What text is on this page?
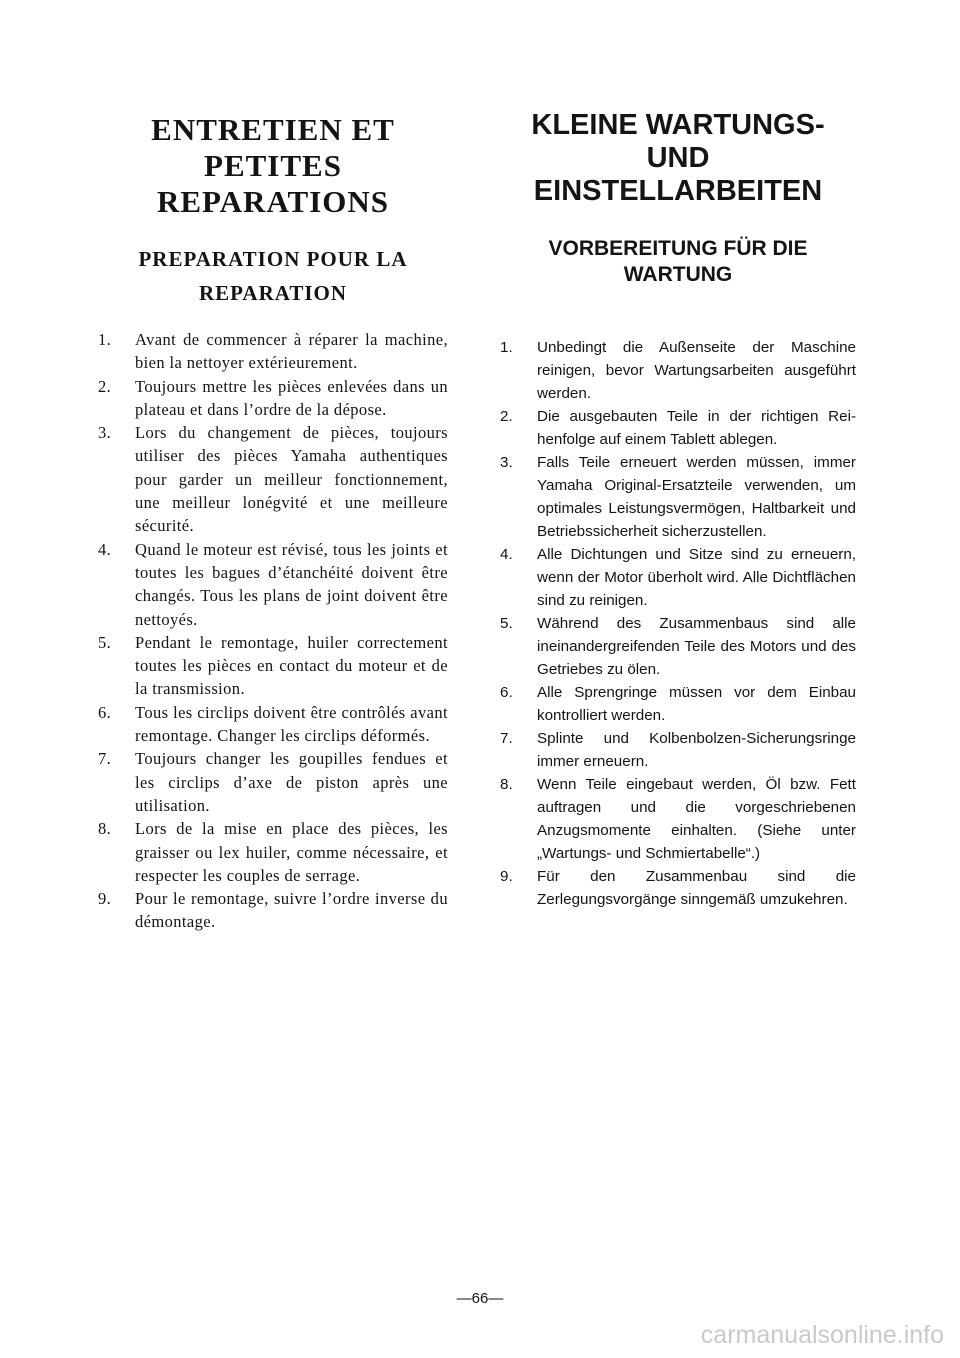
ENTRETIEN ET PETITES REPARATIONS
PREPARATION POUR LA REPARATION
1. Avant de commencer à réparer la machine, bien la nettoyer extérieurement.
2. Toujours mettre les pièces enlevées dans un plateau et dans l’ordre de la dépose.
3. Lors du changement de pièces, toujours utiliser des pièces Yamaha authentiques pour garder un meilleur fonctionnement, une meilleur lonégvité et une meilleure sécurité.
4. Quand le moteur est révisé, tous les joints et toutes les bagues d’étanchéité doivent être changés. Tous les plans de joint doivent être nettoyés.
5. Pendant le remontage, huiler correctement toutes les pièces en contact du moteur et de la transmission.
6. Tous les circlips doivent être contrôlés avant remontage. Changer les circlips déformés.
7. Toujours changer les goupilles fendues et les circlips d’axe de piston après une utilisation.
8. Lors de la mise en place des pièces, les graisser ou lex huiler, comme nécessaire, et respecter les couples de serrage.
9. Pour le remontage, suivre l’ordre inverse du démontage.
KLEINE WARTUNGS- UND EINSTELLARBEITEN
VORBEREITUNG FÜR DIE WARTUNG
1. Unbedingt die Außenseite der Maschine reinigen, bevor Wartungsarbeiten ausgeführt werden.
2. Die ausgebauten Teile in der richtigen Rei-henfolge auf einem Tablett ablegen.
3. Falls Teile erneuert werden müssen, immer Yamaha Original-Ersatzteile verwenden, um optimales Leistungsvermögen, Haltbarkeit und Betriebssicherheit sicherzustellen.
4. Alle Dichtungen und Sitze sind zu erneuern, wenn der Motor überholt wird. Alle Dichtflächen sind zu reinigen.
5. Während des Zusammenbaus sind alle ineinandergreifenden Teile des Motors und des Getriebes zu ölen.
6. Alle Sprengringe müssen vor dem Einbau kontrolliert werden.
7. Splinte und Kolbenbolzen-Sicherungsringe immer erneuern.
8. Wenn Teile eingebaut werden, Öl bzw. Fett auftragen und die vorgeschriebenen Anzugsmomente einhalten. (Siehe unter „Wartungs- und Schmiertabelle“.)
9. Für den Zusammenbau sind die Zerlegungsvorgänge sinngemäß umzukehren.
—66—
carmanualsonline.info
